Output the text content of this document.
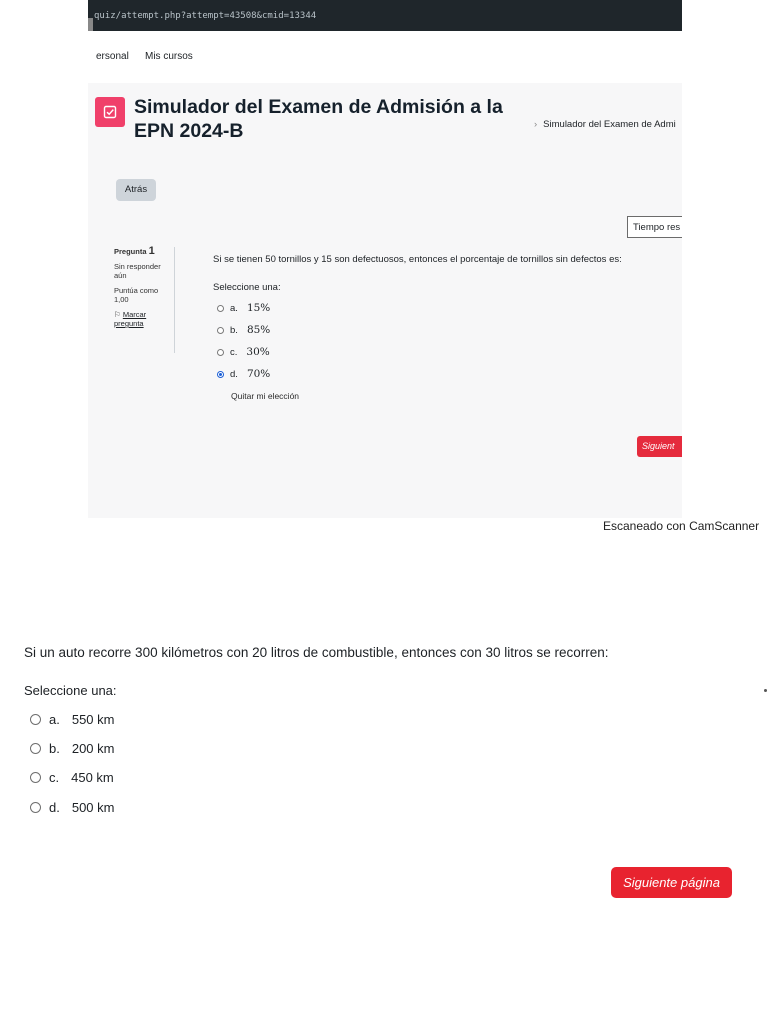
quiz/attempt.php?attempt=43508&cmid=13344
ersonal Mis cursos
Simulador del Examen de Admisión a la EPN 2024-B	› Simulador del Examen de Admi
Atrás
Tiempo res
Pregunta 1
Sin responder aún
Puntúa como 1,00
⚐ Marcar pregunta
Si se tienen 50 tornillos y 15 son defectuosos, entonces el porcentaje de tornillos sin defectos es:
Seleccione una:
a. 15%
b. 85%
c. 30%
d. 70%
Quitar mi elección
Siguient
Escaneado con CamScanner
Si un auto recorre 300 kilómetros con 20 litros de combustible, entonces con 30 litros se recorren:
Seleccione una:
a. 550 km
b. 200 km
c. 450 km
d. 500 km
Siguiente página
